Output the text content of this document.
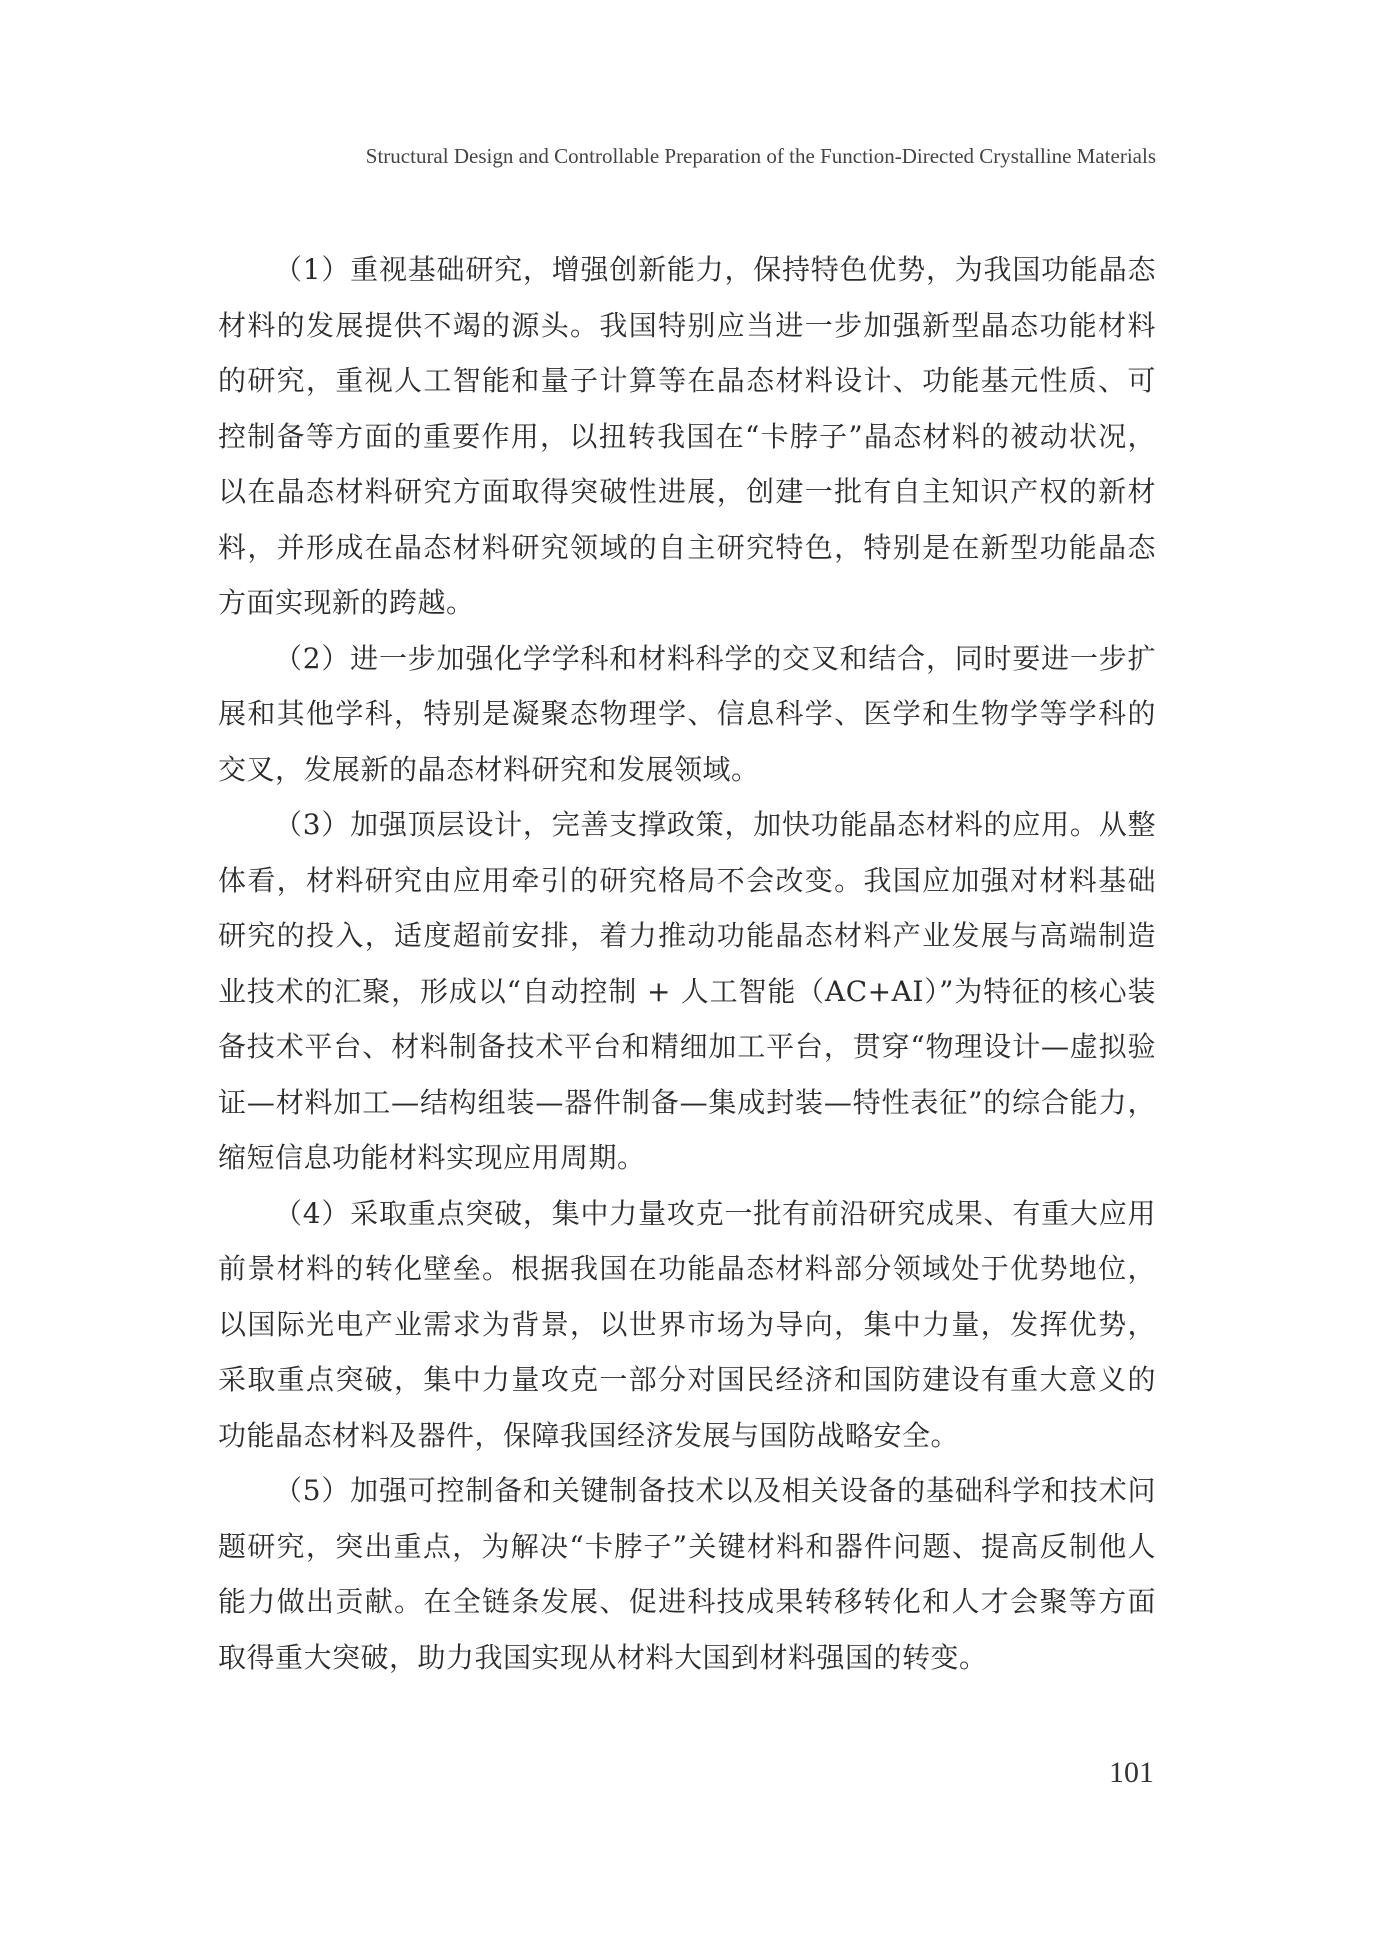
Structural Design and Controllable Preparation of the Function-Directed Crystalline Materials

（1）重视基础研究，增强创新能力，保持特色优势，为我国功能晶态材料的发展提供不竭的源头。我国特别应当进一步加强新型晶态功能材料的研究，重视人工智能和量子计算等在晶态材料设计、功能基元性质、可控制备等方面的重要作用，以扭转我国在“卡脖子”晶态材料的被动状况，以在晶态材料研究方面取得突破性进展，创建一批有自主知识产权的新材料，并形成在晶态材料研究领域的自主研究特色，特别是在新型功能晶态方面实现新的跨越。

（2）进一步加强化学学科和材料科学的交叉和结合，同时要进一步扩展和其他学科，特别是凝聚态物理学、信息科学、医学和生物学等学科的交叉，发展新的晶态材料研究和发展领域。

（3）加强顶层设计，完善支撑政策，加快功能晶态材料的应用。从整体看，材料研究由应用牵引的研究格局不会改变。我国应加强对材料基础研究的投入，适度超前安排，着力推动功能晶态材料产业发展与高端制造业技术的汇聚，形成以“自动控制 + 人工智能（AC+AI）”为特征的核心装备技术平台、材料制备技术平台和精细加工平台，贯穿“物理设计—虚拟验证—材料加工—结构组装—器件制备—集成封装—特性表征”的综合能力，缩短信息功能材料实现应用周期。

（4）采取重点突破，集中力量攻克一批有前沿研究成果、有重大应用前景材料的转化壁垒。根据我国在功能晶态材料部分领域处于优势地位，以国际光电产业需求为背景，以世界市场为导向，集中力量，发挥优势，采取重点突破，集中力量攻克一部分对国民经济和国防建设有重大意义的功能晶态材料及器件，保障我国经济发展与国防战略安全。

（5）加强可控制备和关键制备技术以及相关设备的基础科学和技术问题研究，突出重点，为解决“卡脖子”关键材料和器件问题、提高反制他人能力做出贡献。在全链条发展、促进科技成果转移转化和人才会聚等方面取得重大突破，助力我国实现从材料大国到材料强国的转变。

101
